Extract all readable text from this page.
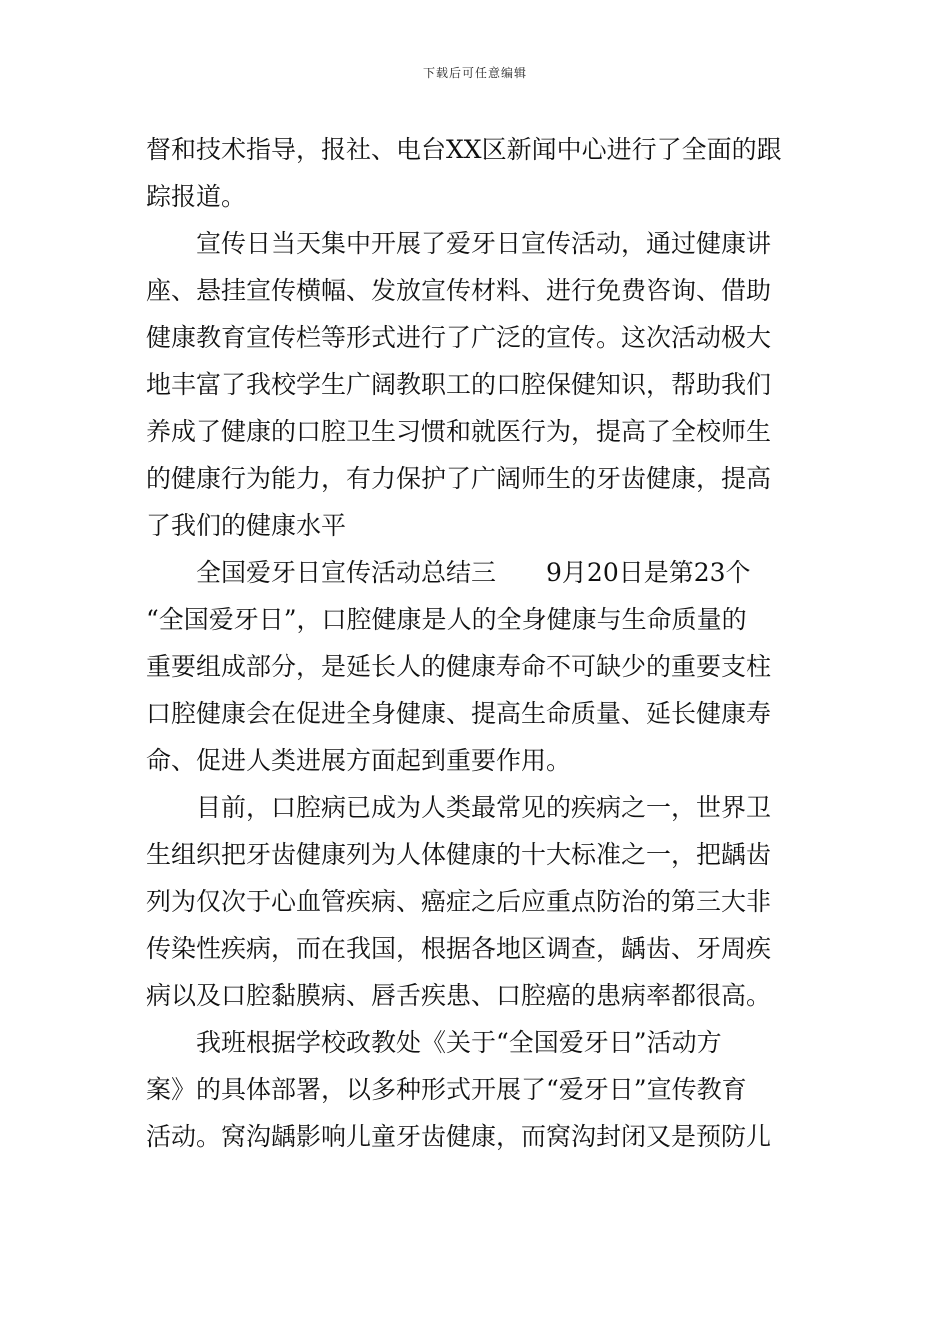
下载后可任意编辑
督和技术指导，报社、电台XX区新闻中心进行了全面的跟
踪报道。
　　宣传日当天集中开展了爱牙日宣传活动，通过健康讲
座、悬挂宣传横幅、发放宣传材料、进行免费咨询、借助
健康教育宣传栏等形式进行了广泛的宣传。这次活动极大
地丰富了我校学生广阔教职工的口腔保健知识，帮助我们
养成了健康的口腔卫生习惯和就医行为，提高了全校师生
的健康行为能力，有力保护了广阔师生的牙齿健康，提高
了我们的健康水平
　　全国爱牙日宣传活动总结三　　9月20日是第23个
“全国爱牙日”，口腔健康是人的全身健康与生命质量的
重要组成部分，是延长人的健康寿命不可缺少的重要支柱
口腔健康会在促进全身健康、提高生命质量、延长健康寿
命、促进人类进展方面起到重要作用。
　　目前，口腔病已成为人类最常见的疾病之一，世界卫
生组织把牙齿健康列为人体健康的十大标准之一，把龋齿
列为仅次于心血管疾病、癌症之后应重点防治的第三大非
传染性疾病，而在我国，根据各地区调查，龋齿、牙周疾
病以及口腔黏膜病、唇舌疾患、口腔癌的患病率都很高。
　　我班根据学校政教处《关于“全国爱牙日”活动方
案》的具体部署，以多种形式开展了“爱牙日”宣传教育
活动。窝沟龋影响儿童牙齿健康，而窝沟封闭又是预防儿
